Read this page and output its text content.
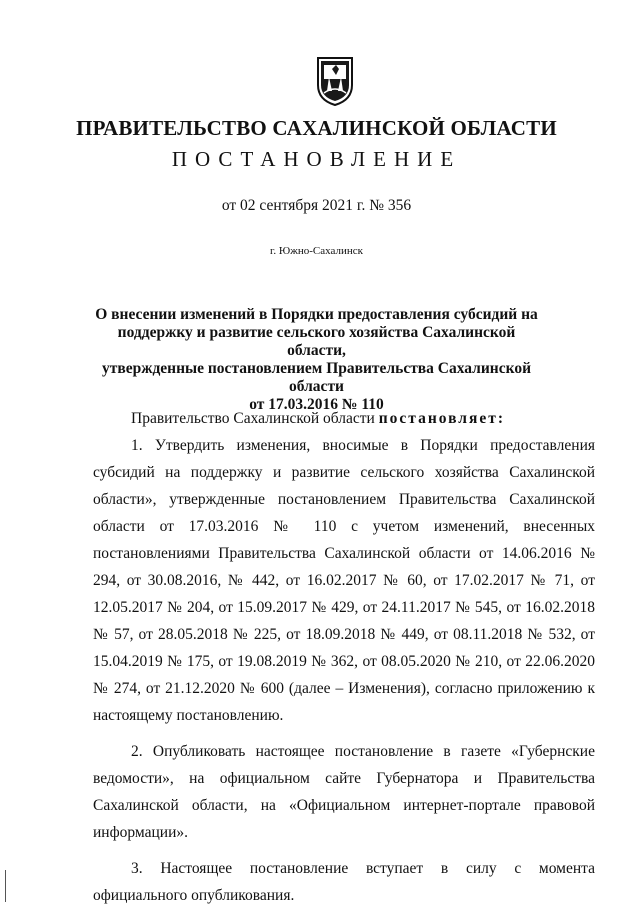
ПРАВИТЕЛЬСТВО САХАЛИНСКОЙ ОБЛАСТИ
ПОСТАНОВЛЕНИЕ
от 02 сентября 2021 г. № 356
г. Южно-Сахалинск
О внесении изменений в Порядки предоставления субсидий на
поддержку и развитие сельского хозяйства Сахалинской области,
утвержденные постановлением Правительства Сахалинской области
от 17.03.2016 № 110

Правительство Сахалинской области постановляет:

1. Утвердить изменения, вносимые в Порядки предоставления субсидий на поддержку и развитие сельского хозяйства Сахалинской области», утвержденные постановлением Правительства Сахалинской области от 17.03.2016 № 110 с учетом изменений, внесенных постановлениями Правительства Сахалинской области от 14.06.2016 № 294, от 30.08.2016, № 442, от 16.02.2017 № 60, от 17.02.2017 № 71, от 12.05.2017 № 204, от 15.09.2017 № 429, от 24.11.2017 № 545, от 16.02.2018 № 57, от 28.05.2018 № 225, от 18.09.2018 № 449, от 08.11.2018 № 532, от 15.04.2019 № 175, от 19.08.2019 № 362, от 08.05.2020 № 210, от 22.06.2020 № 274, от 21.12.2020 № 600 (далее – Изменения), согласно приложению к настоящему постановлению.

2. Опубликовать настоящее постановление в газете «Губернские ведомости», на официальном сайте Губернатора и Правительства Сахалинской области, на «Официальном интернет-портале правовой информации».

3. Настоящее постановление вступает в силу с момента официального опубликования.
